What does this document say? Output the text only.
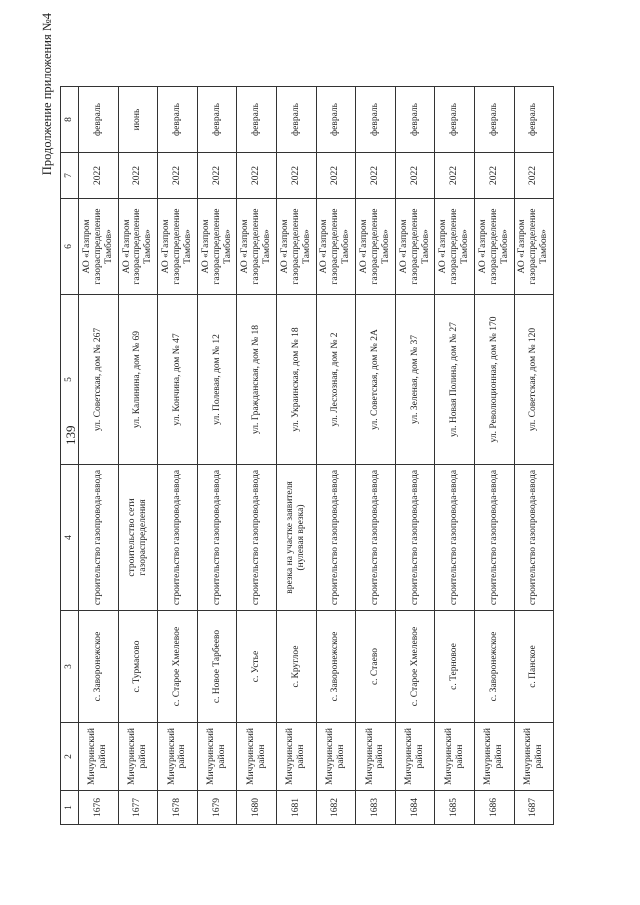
139
Продолжение приложения №4
1	2	3	4	5	6	7	8
1676	Мичуринский район	с. Заворонежское	строительство газопровода-ввода	ул. Советская, дом № 267	АО «Газпром газораспределение Тамбов»	2022	февраль
1677	Мичуринский район	с. Турмасово	строительство сети газораспределения	ул. Калинина, дом № 69	АО «Газпром газораспределение Тамбов»	2022	июнь
1678	Мичуринский район	с. Старое Хмелевое	строительство газопровода-ввода	ул. Кончина, дом № 47	АО «Газпром газораспределение Тамбов»	2022	февраль
1679	Мичуринский район	с. Новое Тарбеево	строительство газопровода-ввода	ул. Полевая, дом № 12	АО «Газпром газораспределение Тамбов»	2022	февраль
1680	Мичуринский район	с. Устье	строительство газопровода-ввода	ул. Гражданская, дом № 18	АО «Газпром газораспределение Тамбов»	2022	февраль
1681	Мичуринский район	с. Круглое	врезка на участке заявителя (нулевая врезка)	ул. Украинская, дом № 18	АО «Газпром газораспределение Тамбов»	2022	февраль
1682	Мичуринский район	с. Заворонежское	строительство газопровода-ввода	ул. Лесхозная, дом № 2	АО «Газпром газораспределение Тамбов»	2022	февраль
1683	Мичуринский район	с. Стаево	строительство газопровода-ввода	ул. Советская, дом № 2А	АО «Газпром газораспределение Тамбов»	2022	февраль
1684	Мичуринский район	с. Старое Хмелевое	строительство газопровода-ввода	ул. Зеленая, дом № 37	АО «Газпром газораспределение Тамбов»	2022	февраль
1685	Мичуринский район	с. Терновое	строительство газопровода-ввода	ул. Новая Полина, дом № 27	АО «Газпром газораспределение Тамбов»	2022	февраль
1686	Мичуринский район	с. Заворонежское	строительство газопровода-ввода	ул. Революционная, дом № 170	АО «Газпром газораспределение Тамбов»	2022	февраль
1687	Мичуринский район	с. Панское	строительство газопровода-ввода	ул. Советская, дом № 120	АО «Газпром газораспределение Тамбов»	2022	февраль
